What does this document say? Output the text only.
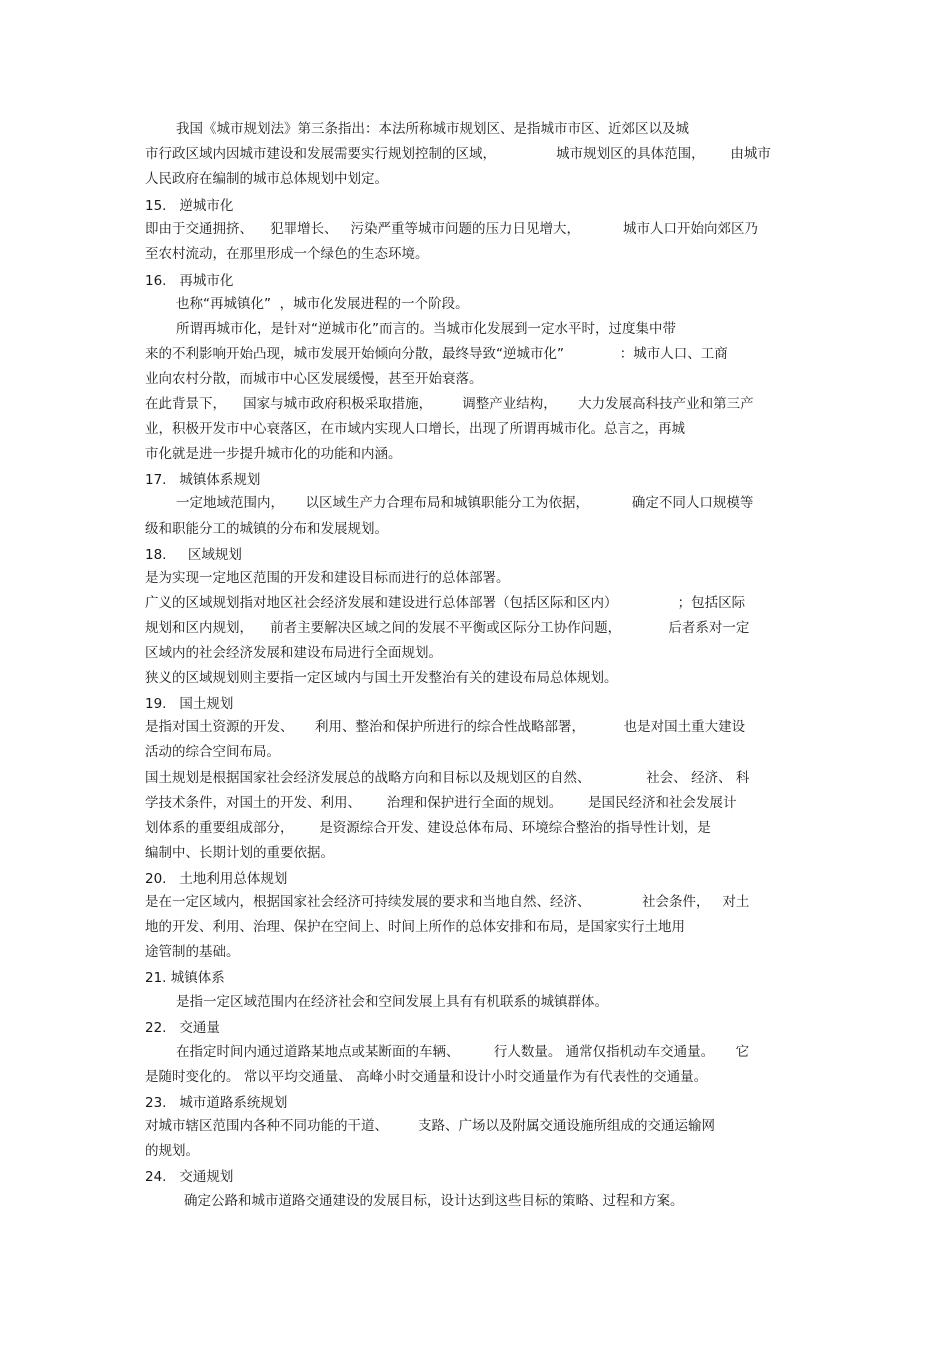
我国《城市规划法》第三条指出：本法所称城市规划区、是指城市市区、近郊区以及城
市行政区域内因城市建设和发展需要实行规划控制的区域，              城市规划区的具体范围，      由城市
人民政府在编制的城市总体规划中划定。
15.   逆城市化
即由于交通拥挤、    犯罪增长、   污染严重等城市问题的压力日见增大，          城市人口开始向郊区乃
至农村流动，在那里形成一个绿色的生态环境。
16.   再城市化
也称“再城镇化”  ，城市化发展进程的一个阶段。
所谓再城市化，是针对“逆城市化”而言的。当城市化发展到一定水平时，过度集中带
来的不利影响开始凸现，城市发展开始倾向分散，最终导致“逆城市化”             ：城市人口、工商
业向农村分散，而城市中心区发展缓慢，甚至开始衰落。
在此背景下，    国家与城市政府积极采取措施，       调整产业结构，     大力发展高科技产业和第三产
业，积极开发市中心衰落区，在市域内实现人口增长，出现了所谓再城市化。总言之，再城
市化就是进一步提升城市化的功能和内涵。
17.   城镇体系规划
一定地域范围内，     以区域生产力合理布局和城镇职能分工为依据，          确定不同人口规模等
级和职能分工的城镇的分布和发展规划。
18.     区域规划
是为实现一定地区范围的开发和建设目标而进行的总体部署。
广义的区域规划指对地区社会经济发展和建设进行总体部署（包括区际和区内）              ；包括区际
规划和区内规划，    前者主要解决区域之间的发展不平衡或区际分工协作问题，           后者系对一定
区域内的社会经济发展和建设布局进行全面规划。
狭义的区域规划则主要指一定区域内与国土开发整治有关的建设布局总体规划。
19.   国土规划
是指对国土资源的开发、     利用、整治和保护所进行的综合性战略部署，         也是对国土重大建设
活动的综合空间布局。
国土规划是根据国家社会经济发展总的战略方向和目标以及规划区的自然、             社会、 经济、 科
学技术条件，对国土的开发、利用、      治理和保护进行全面的规划。      是国民经济和社会发展计
划体系的重要组成部分，      是资源综合开发、建设总体布局、环境综合整治的指导性计划，是
编制中、长期计划的重要依据。
20.   土地利用总体规划
是在一定区域内，根据国家社会经济可持续发展的要求和当地自然、经济、            社会条件，   对土
地的开发、利用、治理、保护在空间上、时间上所作的总体安排和布局，是国家实行土地用
途管制的基础。
21. 城镇体系
是指一定区域范围内在经济社会和空间发展上具有有机联系的城镇群体。
22.   交通量
在指定时间内通过道路某地点或某断面的车辆、        行人数量。 通常仅指机动车交通量。     它
是随时变化的。 常以平均交通量、 高峰小时交通量和设计小时交通量作为有代表性的交通量。
23.   城市道路系统规划
对城市辖区范围内各种不同功能的干道、       支路、广场以及附属交通设施所组成的交通运输网
的规划。
24.   交通规划
确定公路和城市道路交通建设的发展目标，设计达到这些目标的策略、过程和方案。
